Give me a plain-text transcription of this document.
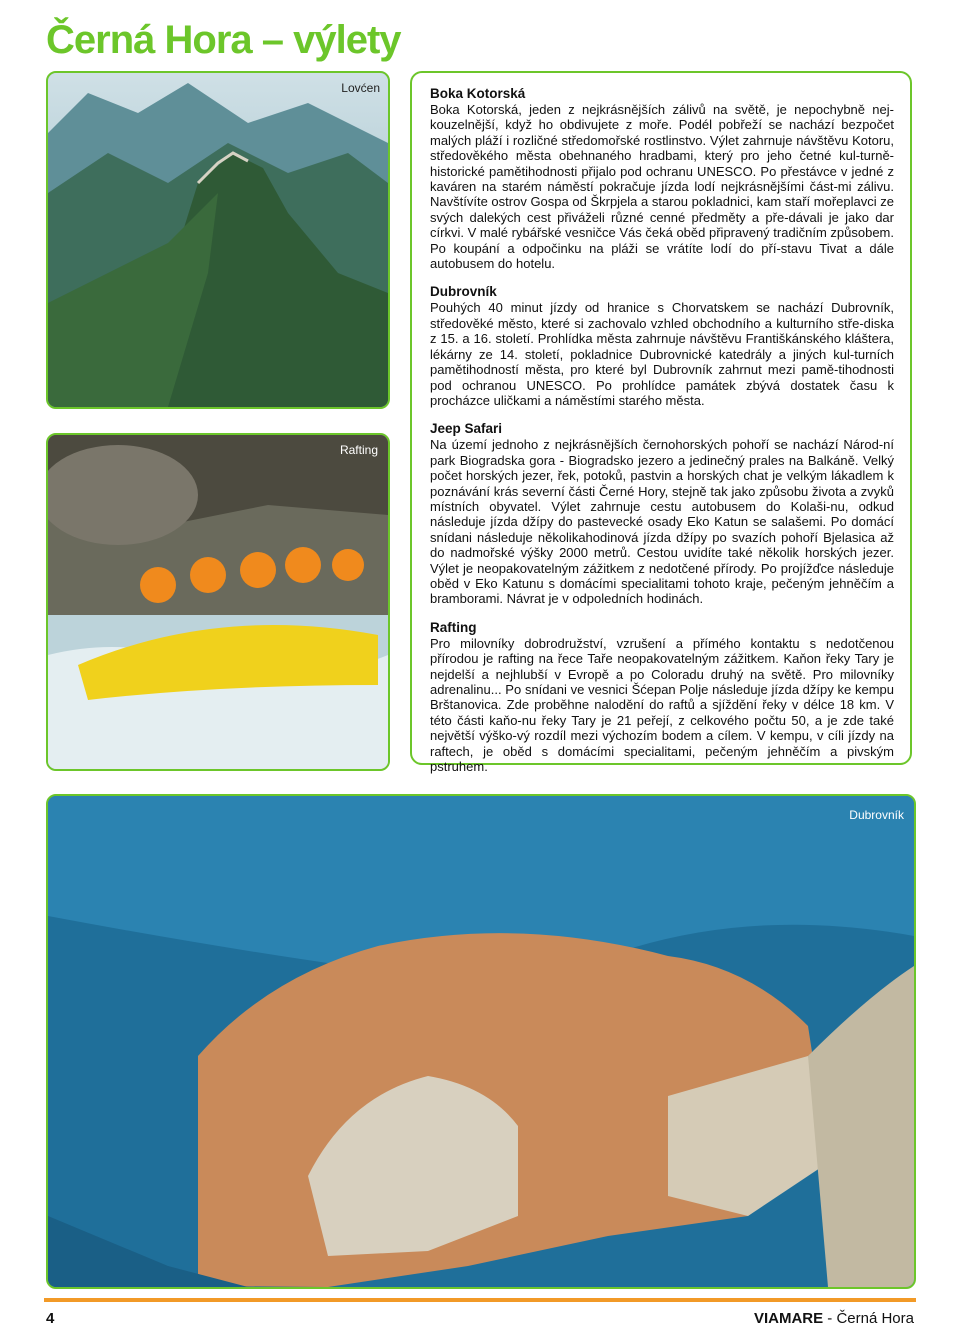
Černá Hora – výlety
Lovćen
Rafting
Boka Kotorská

Boka Kotorská, jeden z nejkrásnějších zálivů na světě, je nepochybně nej-kouzelnější, když ho obdivujete z moře. Podél pobřeží se nachází bezpočet malých pláží i rozličné středomořské rostlinstvo. Výlet zahrnuje návštěvu Kotoru, středověkého města obehnaného hradbami, který pro jeho četné kul-turně-historické pamětihodnosti přijalo pod ochranu UNESCO. Po přestávce v jedné z kaváren na starém náměstí pokračuje jízda lodí nejkrásnějšími část-mi zálivu. Navštívíte ostrov Gospa od Škrpjela a starou pokladnici, kam staří mořeplavci ze svých dalekých cest přiváželi různé cenné předměty a pře-dávali je jako dar církvi. V malé rybářské vesničce Vás čeká oběd připravený tradičním způsobem. Po koupání a odpočinku na pláži se vrátíte lodí do pří-stavu Tivat a dále autobusem do hotelu.

Dubrovník

Pouhých 40 minut jízdy od hranice s Chorvatskem se nachází Dubrovník, středověké město, které si zachovalo vzhled obchodního a kulturního stře-diska z 15. a 16. století. Prohlídka města zahrnuje návštěvu Františkánského kláštera, lékárny ze 14. století, pokladnice Dubrovnické katedrály a jiných kul-turních pamětihodností města, pro které byl Dubrovník zahrnut mezi pamě-tihodnosti pod ochranou UNESCO. Po prohlídce památek zbývá dostatek času k procházce uličkami a náměstími starého města.

Jeep Safari

Na území jednoho z nejkrásnějších černohorských pohoří se nachází Národ-ní park Biogradska gora - Biogradsko jezero a jedinečný prales na Balkáně. Velký počet horských jezer, řek, potoků, pastvin a horských chat je velkým lákadlem k poznávání krás severní části Černé Hory, stejně tak jako způsobu života a zvyků místních obyvatel. Výlet zahrnuje cestu autobusem do Kolaši-nu, odkud následuje jízda džípy do pastevecké osady Eko Katun se salašemi. Po domácí snídani následuje několikahodinová jízda džípy po svazích pohoří Bjelasica až do nadmořské výšky 2000 metrů. Cestou uvidíte také několik horských jezer. Výlet je neopakovatelným zážitkem z nedotčené přírody. Po projížďce následuje oběd v Eko Katunu s domácími specialitami tohoto kraje, pečeným jehněčím a bramborami. Návrat je v odpoledních hodinách.

Rafting

Pro milovníky dobrodružství, vzrušení a přímého kontaktu s nedotčenou přírodou je rafting na řece Taře neopakovatelným zážitkem. Kaňon řeky Tary je nejdelší a nejhlubší v Evropě a po Coloradu druhý na světě. Pro milovníky adrenalinu... Po snídani ve vesnici Šćepan Polje následuje jízda džípy ke kempu Brštanovica. Zde proběhne nalodění do raftů a sjíždění řeky v délce 18 km. V této části kaňo-nu řeky Tary je 21 peřejí, z celkového počtu 50, a je zde také největší výško-vý rozdíl mezi výchozím bodem a cílem. V kempu, v cíli jízdy na raftech, je oběd s domácími specialitami, pečeným jehněčím a pivským pstruhem.

Dubrovník
4	VIAMARE - Černá Hora
